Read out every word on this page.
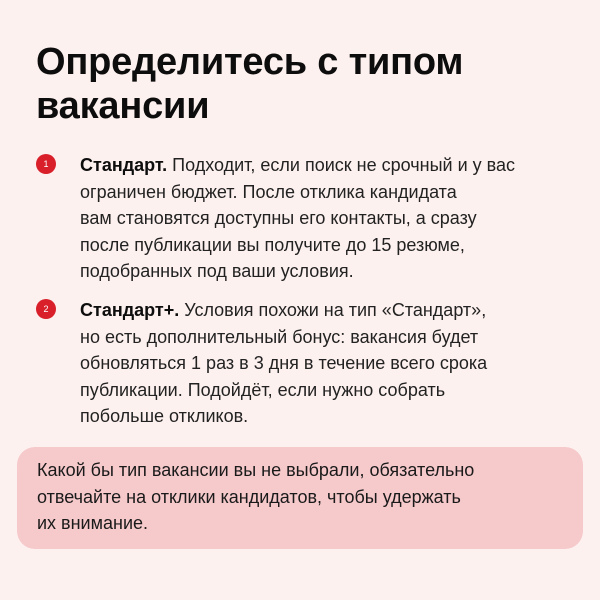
Определитесь с типом
вакансии
1	Стандарт. Подходит, если поиск не срочный и у вас
ограничен бюджет. После отклика кандидата
вам становятся доступны его контакты, а сразу
после публикации вы получите до 15 резюме,
подобранных под ваши условия.
2	Стандарт+. Условия похожи на тип «Стандарт»,
но есть дополнительный бонус: вакансия будет
обновляться 1 раз в 3 дня в течение всего срока
публикации. Подойдёт, если нужно собрать
побольше откликов.
Какой бы тип вакансии вы не выбрали, обязательно
отвечайте на отклики кандидатов, чтобы удержать
их внимание.
